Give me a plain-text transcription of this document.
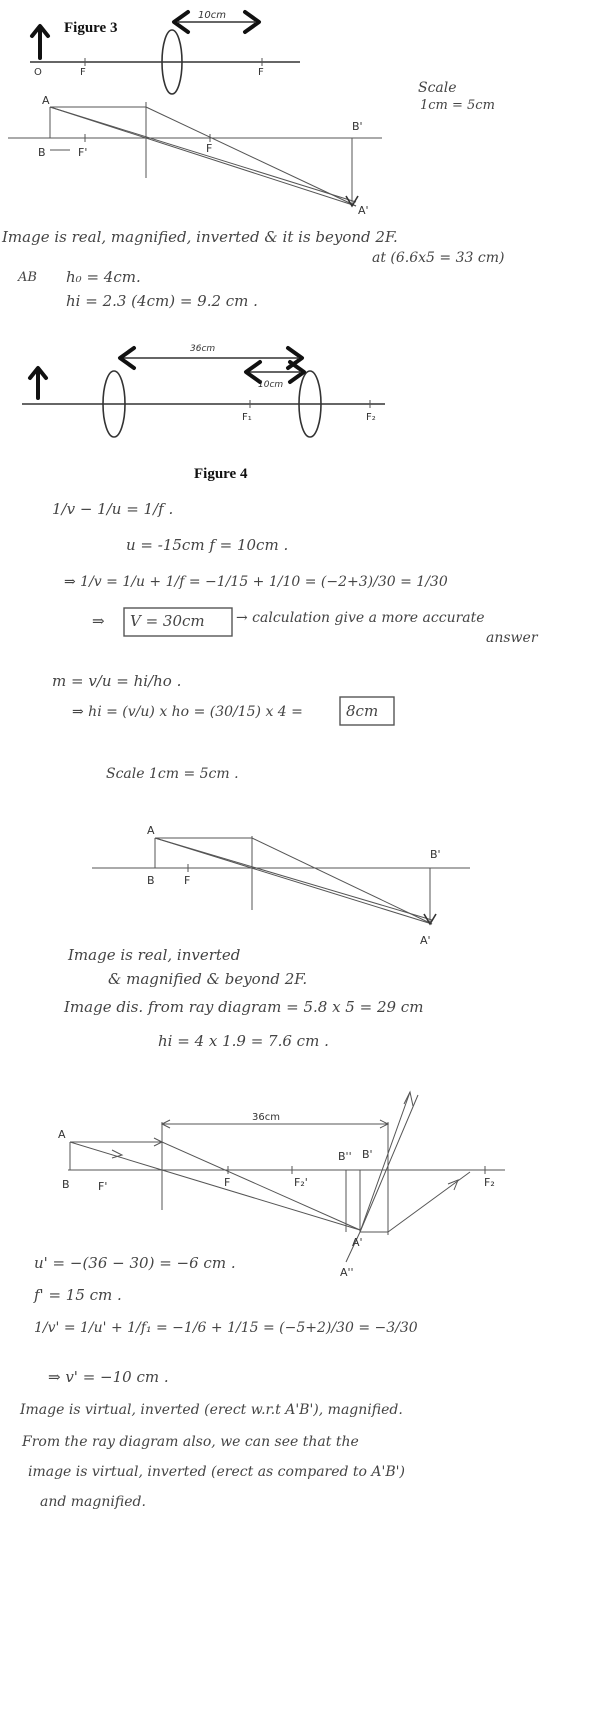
Figure 3
10cm
O	F	F
Scale
1cm = 5cm
A
B	F'	F
B'
A'
Image is real, magnified, inverted & it is beyond 2F.
at (6.6x5 = 33 cm)
AB h₀ = 4cm.
hi = 2.3 (4cm) = 9.2 cm .
36cm
10cm
F₁	F₂
Figure 4
1/v − 1/u = 1/f .
u = -15cm f = 10cm .
⇒ 1/v = 1/u + 1/f = −1/15 + 1/10 = (−2+3)/30 = 1/30
⇒ V = 30cm → calculation give a more accurate
answer
m = v/u = hi/ho .
⇒ hi = (v/u) x ho = (30/15) x 4 =	8cm
Scale 1cm = 5cm .
A
B	F
B'
A'
Image is real, inverted
& magnified & beyond 2F.
Image dis. from ray diagram = 5.8 x 5 = 29 cm
hi = 4 x 1.9 = 7.6 cm .
36cm
A
B	F'	F	F₂'
B'' B'
F₂
A'
A''
u' = −(36 − 30) = −6 cm .
f' = 15 cm .
1/v' = 1/u' + 1/f₁ = −1/6 + 1/15 = (−5+2)/30 = −3/30
⇒ v' = −10 cm .
Image is virtual, inverted (erect w.r.t A'B'), magnified.
From the ray diagram also, we can see that the
image is virtual, inverted (erect as compared to A'B')
and magnified.
